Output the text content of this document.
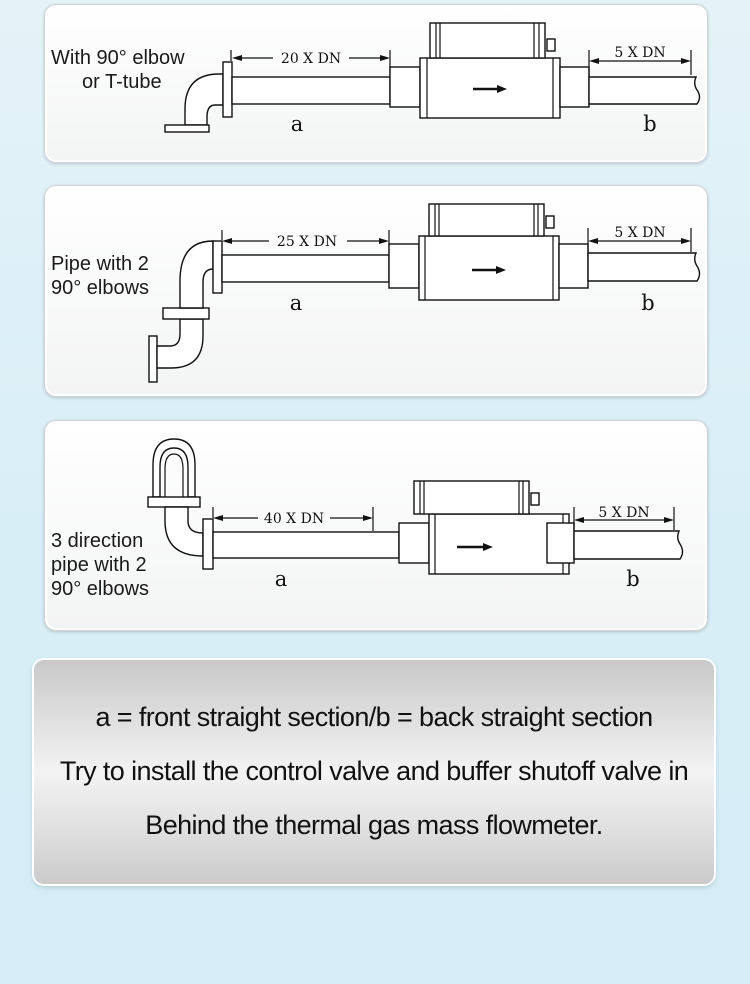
With 90° elbow
or T-tube
20 X DN	5 X DN
a	b
Pipe with 2
90° elbows
25 X DN
5 X DN
a	b
3 direction
pipe with 2
90° elbows
40 X DN	5 X DN
a	b
a = front straight section/b = back straight section
Try to install the control valve and buffer shutoff valve in
Behind the thermal gas mass flowmeter.
